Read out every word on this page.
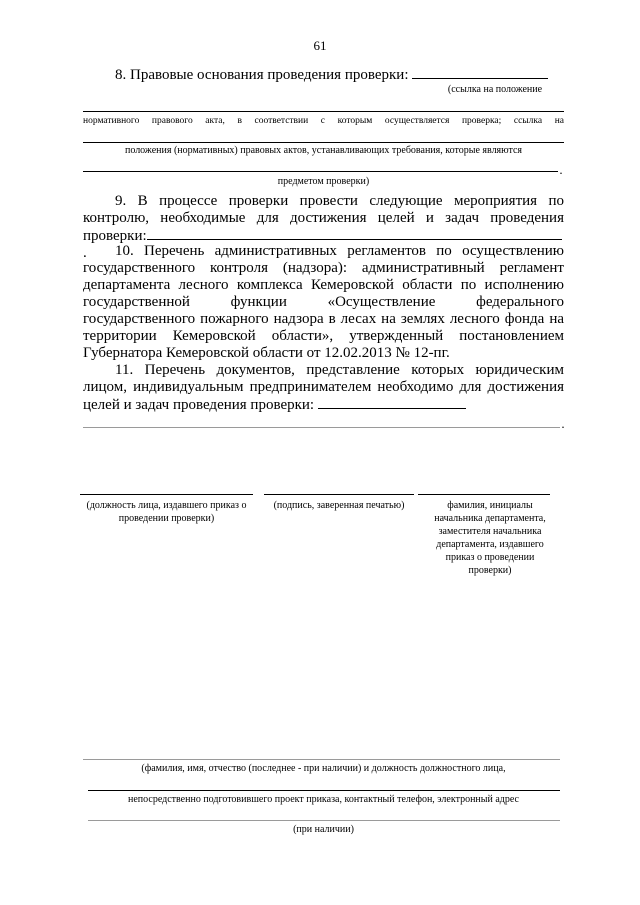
61
8. Правовые основания проведения проверки:
(ссылка на положение
нормативного правового акта, в соответствии с которым осуществляется проверка; ссылка на
положения (нормативных) правовых актов, устанавливающих требования, которые являются
.
предметом проверки)
9. В процессе проверки провести следующие мероприятия по контролю, необходимые для достижения целей и задач проведения проверки:.	10. Перечень административных регламентов по осуществлению государственного контроля (надзора): административный регламент департамента лесного комплекса Кемеровской области по исполнению государственной функции «Осуществление федерального государственного пожарного надзора в лесах на землях лесного фонда на территории Кемеровской области», утвержденный постановлением Губернатора Кемеровской области от 12.02.2013 № 12-пг.
11. Перечень документов, представление которых юридическим лицом, индивидуальным предпринимателем необходимо для достижения целей и задач проведения проверки:
.
(должность лица, издавшего приказ о проведении проверки)
(подпись, заверенная печатью)	фамилия, инициалы начальника департамента, заместителя начальника департамента, издавшего приказ о проведении проверки)
(фамилия, имя, отчество (последнее - при наличии) и должность должностного лица,
непосредственно подготовившего проект приказа, контактный телефон, электронный адрес
(при наличии)
